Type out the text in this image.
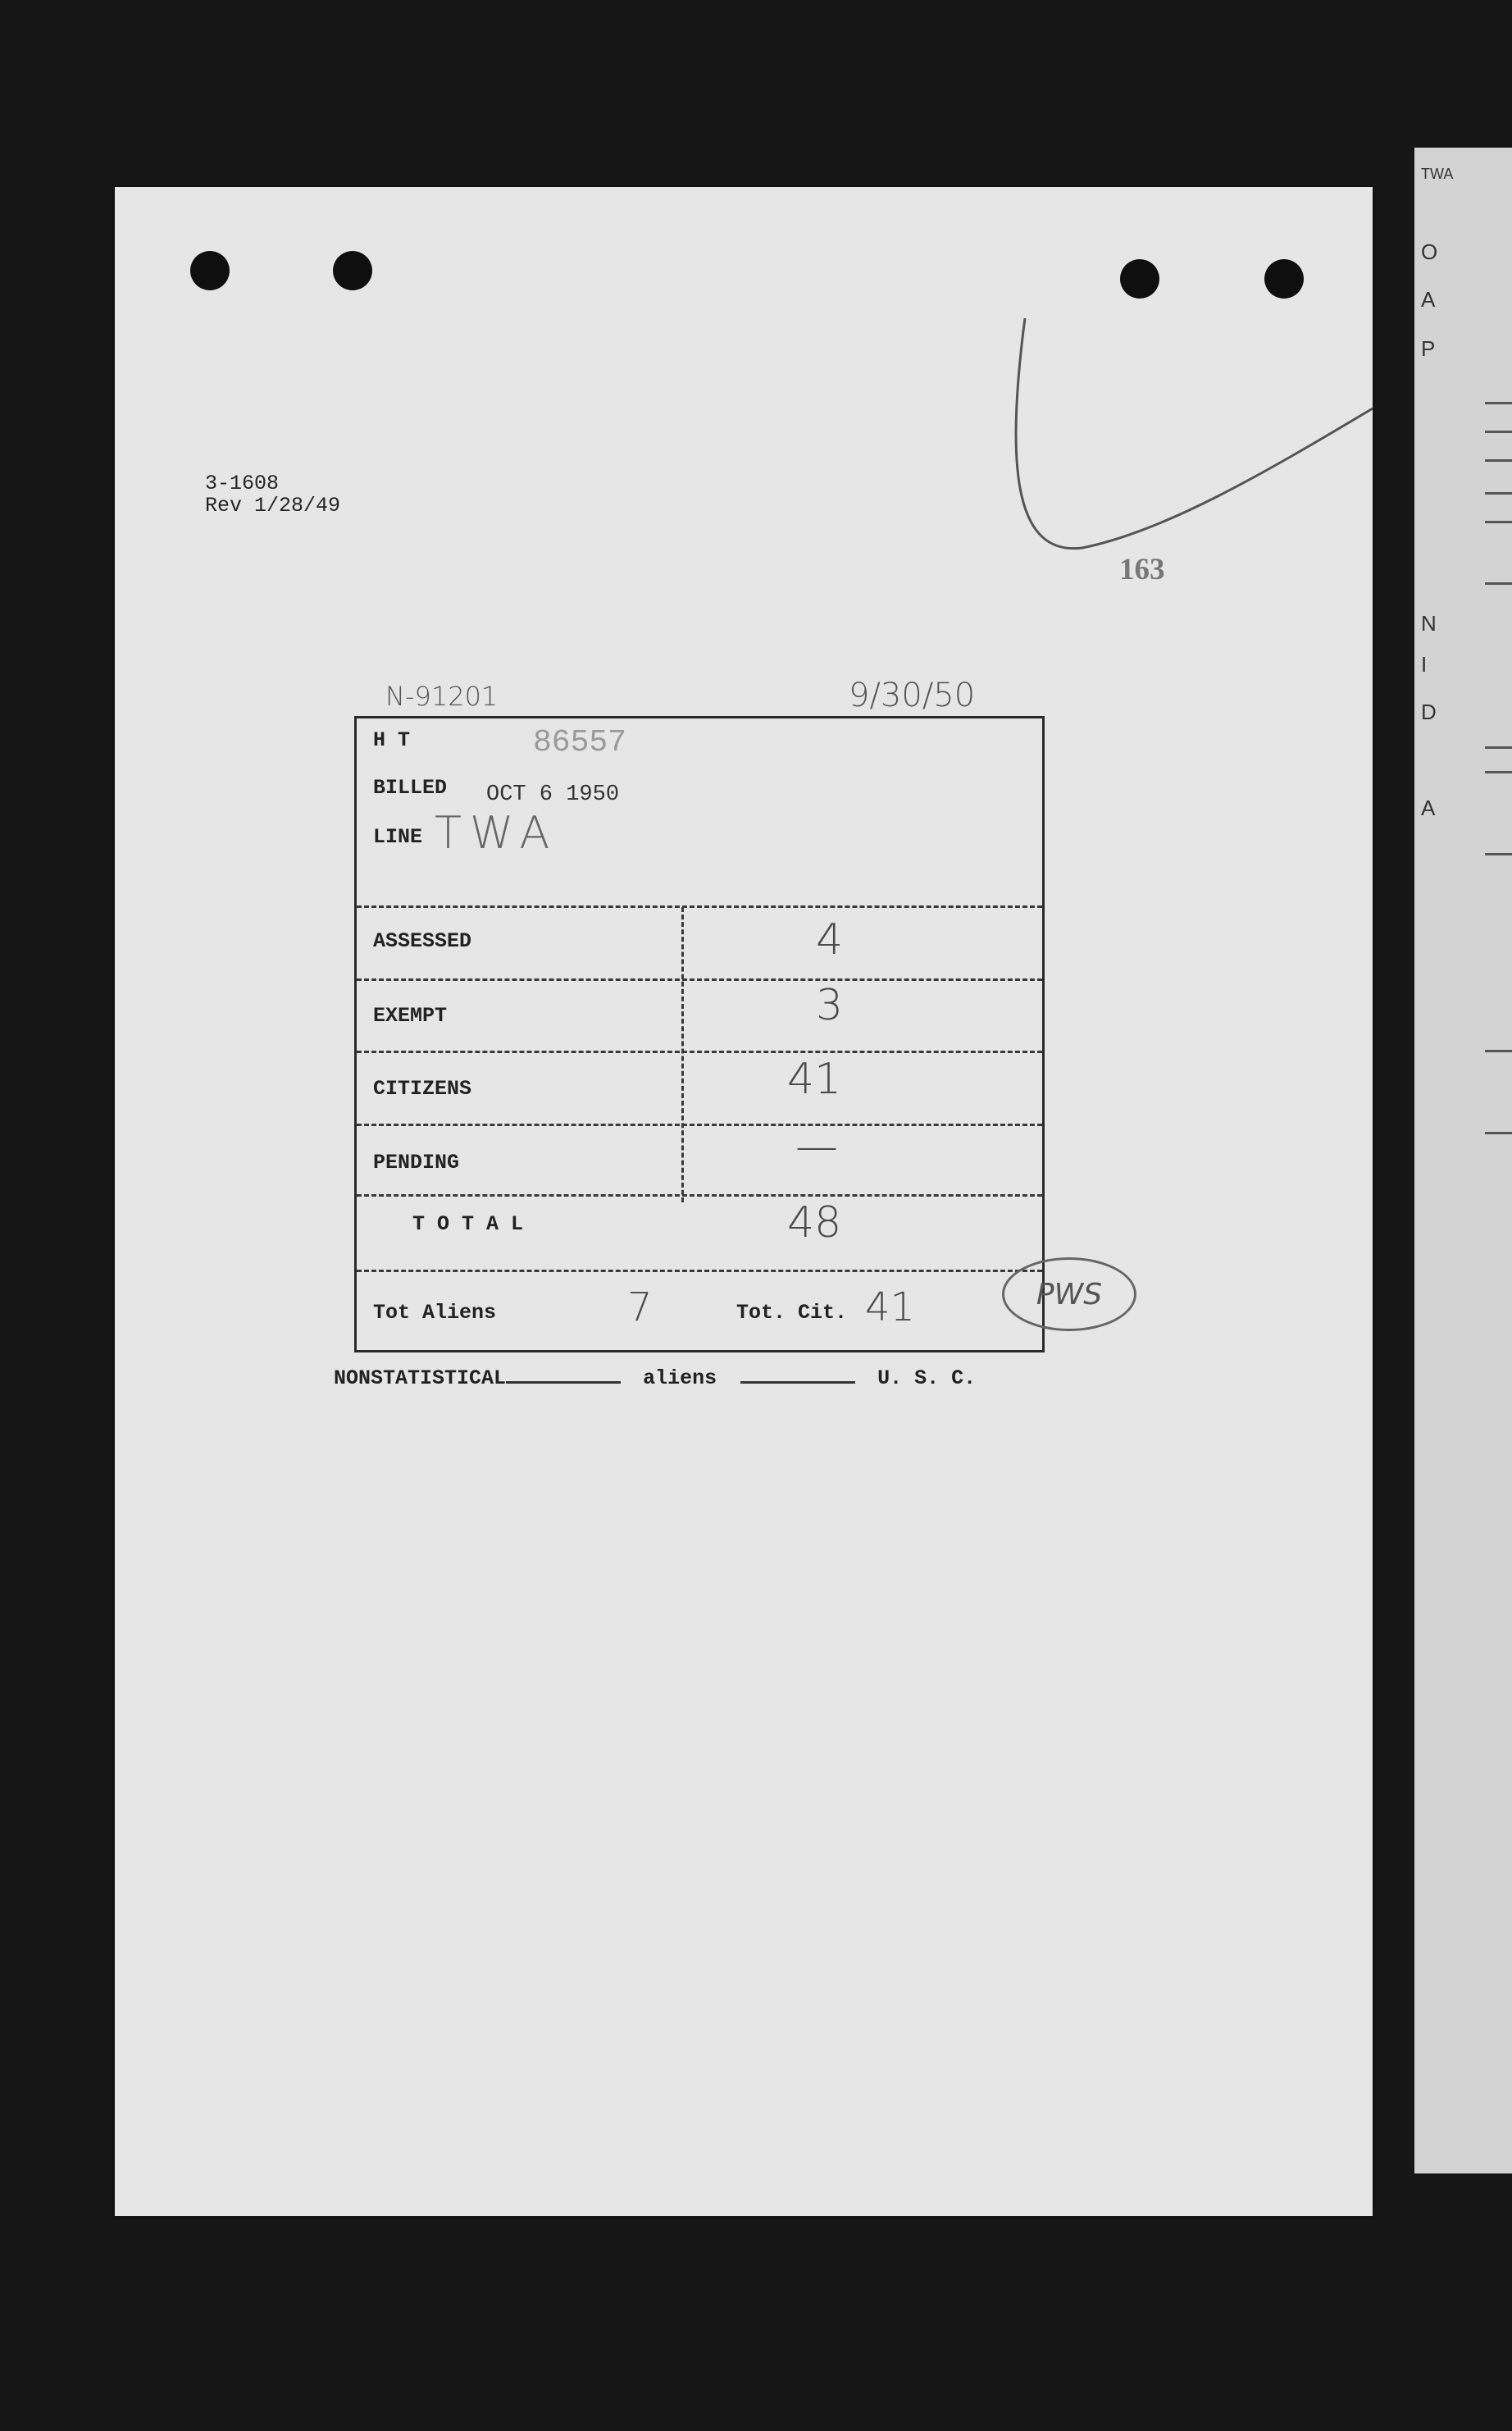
TWA
O
A
P
N
I
D
A
3-1608
Rev 1/28/49
163
N-91201	9/30/50
H T	86557
BILLED OCT 6 1950
LINE TWA
ASSESSED	4
EXEMPT	3
CITIZENS	41
PENDING	—
T O T A L	48
Tot Aliens	7	Tot. Cit. 41	PWS
NONSTATISTICAL	aliens	U. S. C.
